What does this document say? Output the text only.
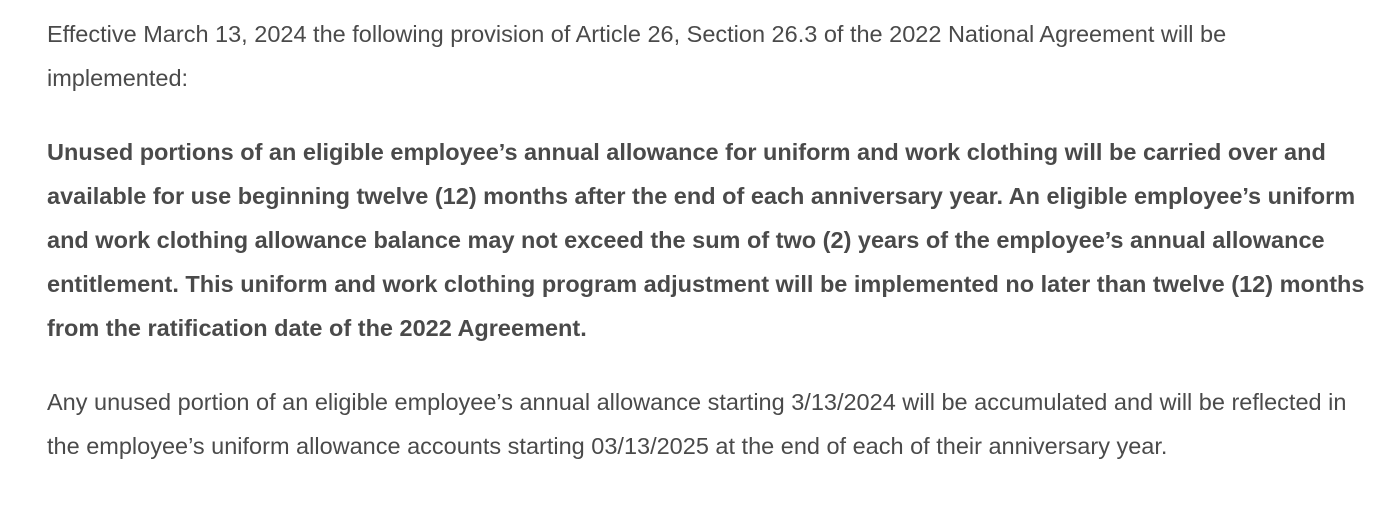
Effective March 13, 2024 the following provision of Article 26, Section 26.3 of the 2022 National Agreement will be implemented:

Unused portions of an eligible employee’s annual allowance for uniform and work clothing will be carried over and available for use beginning twelve (12) months after the end of each anniversary year. An eligible employee’s uniform and work clothing allowance balance may not exceed the sum of two (2) years of the employee’s annual allowance entitlement. This uniform and work clothing program adjustment will be implemented no later than twelve (12) months from the ratification date of the 2022 Agreement.

Any unused portion of an eligible employee’s annual allowance starting 3/13/2024 will be accumulated and will be reflected in the employee’s uniform allowance accounts starting 03/13/2025 at the end of each of their anniversary year.
